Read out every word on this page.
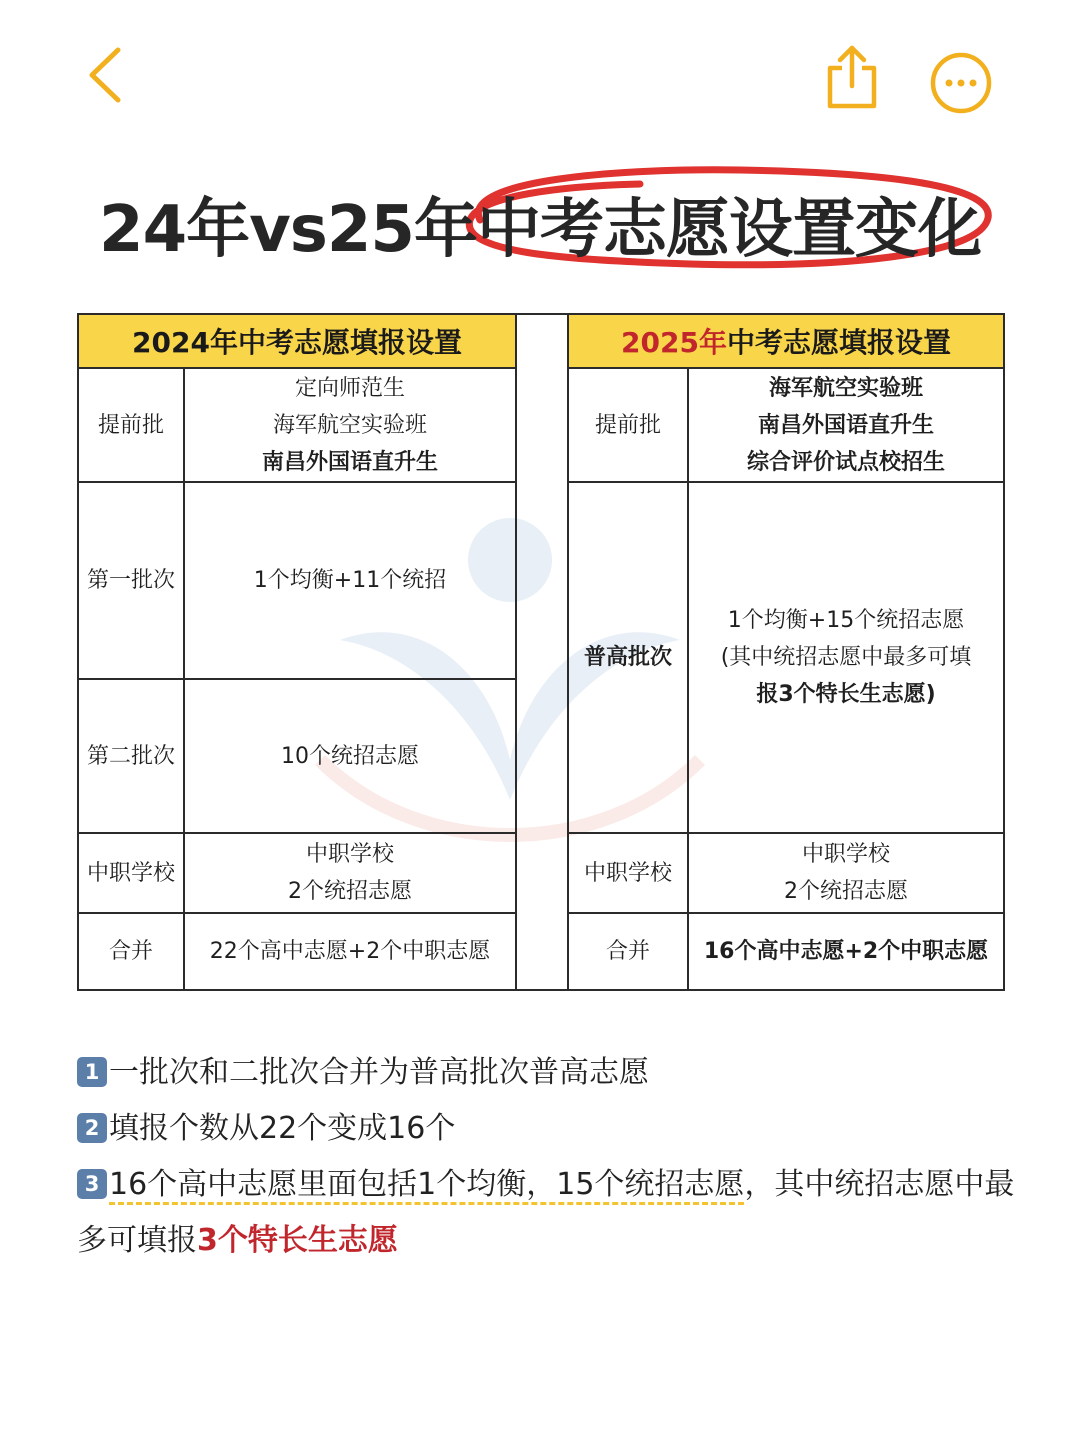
24年vs25年中考志愿设置变化
2024年中考志愿填报设置	
提前批	定向师范生
海军航空实验班
南昌外国语直升生

第一批次	1个均衡+11个统招
第二批次	10个统招志愿
中职学校	中职学校
2个统招志愿

合并	22个高中志愿+2个中职志愿
2025年中考志愿填报设置	
提前批	海军航空实验班
南昌外国语直升生
综合评价试点校招生

普高批次	1个均衡+15个统招志愿
(其中统招志愿中最多可填
报3个特长生志愿)

中职学校	中职学校
2个统招志愿

合并	16个高中志愿+2个中职志愿

1 一批次和二批次合并为普高批次普高志愿

2 填报个数从22个变成16个

3 16个高中志愿里面包括1个均衡，15个统招志愿，其中统招志愿中最多可填报3个特长生志愿
